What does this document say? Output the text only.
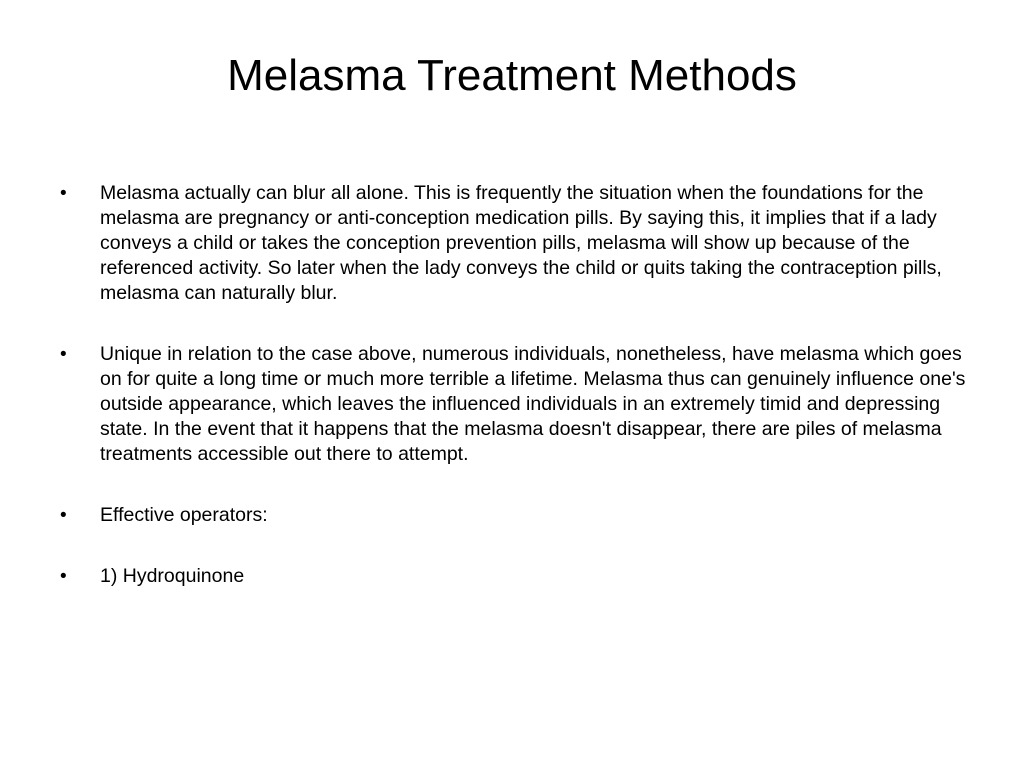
Melasma Treatment Methods
•	Melasma actually can blur all alone. This is frequently the situation when the foundations for the melasma are pregnancy or anti-conception medication pills. By saying this, it implies that if a lady conveys a child or takes the conception prevention pills, melasma will show up because of the referenced activity. So later when the lady conveys the child or quits taking the contraception pills, melasma can naturally blur.
•	Unique in relation to the case above, numerous individuals, nonetheless, have melasma which goes on for quite a long time or much more terrible a lifetime. Melasma thus can genuinely influence one's outside appearance, which leaves the influenced individuals in an extremely timid and depressing state. In the event that it happens that the melasma doesn't disappear, there are piles of melasma treatments accessible out there to attempt.
•	Effective operators:
•	1) Hydroquinone
